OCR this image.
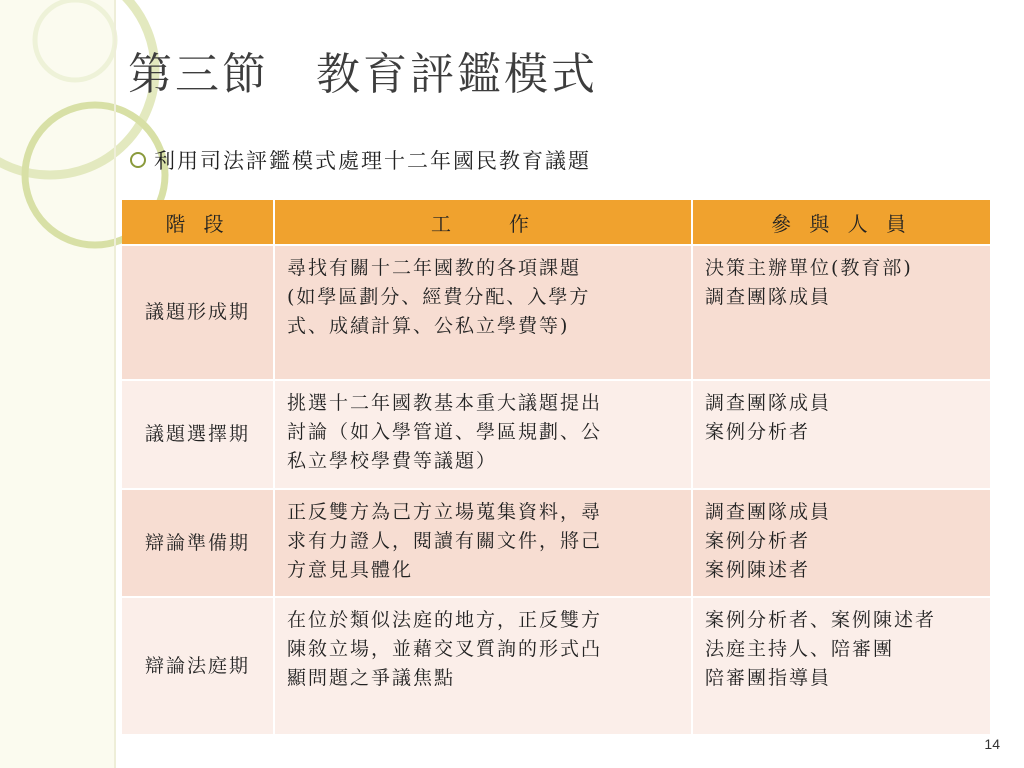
第三節　教育評鑑模式
利用司法評鑑模式處理十二年國民教育議題
階 段	工　　作	參 與 人 員
議題形成期	尋找有關十二年國教的各項課題
(如學區劃分、經費分配、入學方
式、成績計算、公私立學費等)	決策主辦單位(教育部)
調查團隊成員

議題選擇期	挑選十二年國教基本重大議題提出
討論（如入學管道、學區規劃、公
私立學校學費等議題）	調查團隊成員
案例分析者

辯論準備期	正反雙方為己方立場蒐集資料，尋
求有力證人，閱讀有關文件，將己
方意見具體化	調查團隊成員
案例分析者
案例陳述者

辯論法庭期	在位於類似法庭的地方，正反雙方
陳敘立場，並藉交叉質詢的形式凸
顯問題之爭議焦點	案例分析者、案例陳述者
法庭主持人、陪審團
陪審團指導員
14
